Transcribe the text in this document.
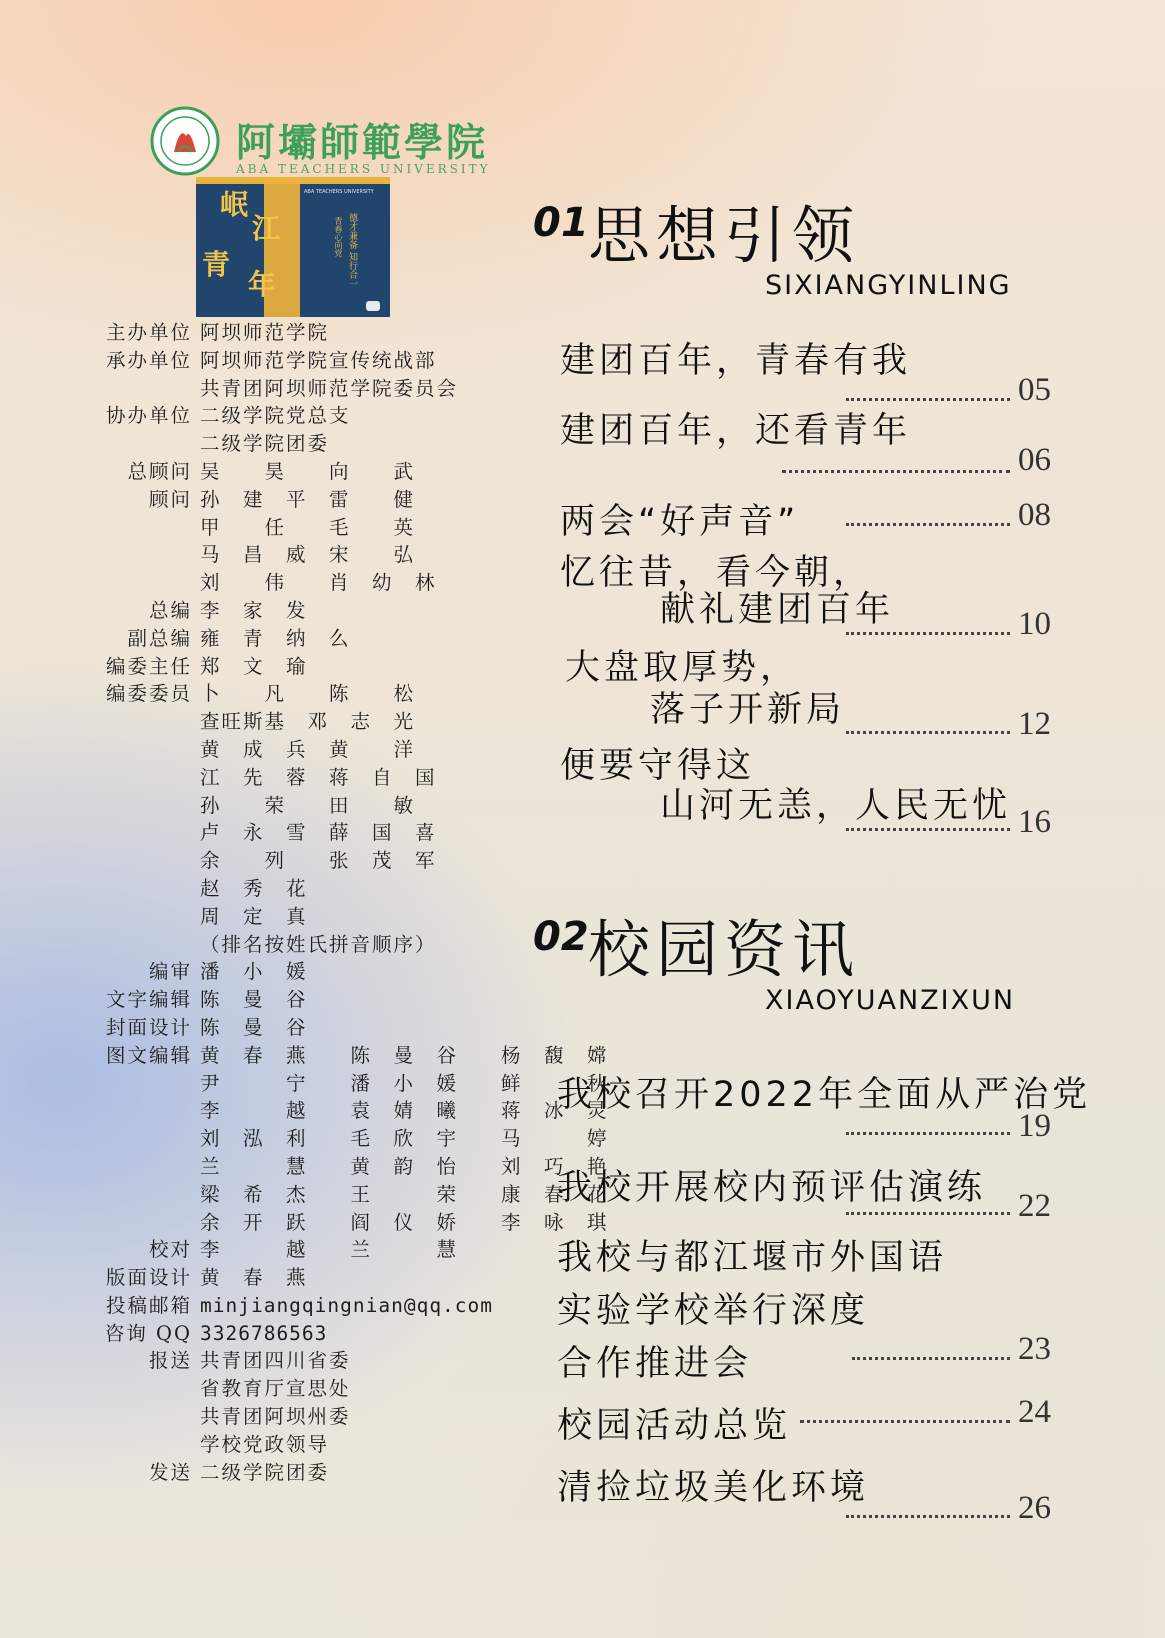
阿壩師範學院
ABA TEACHERS UNIVERSITY
岷
江
青
年
ABA TEACHERS UNIVERSITY
德才兼备 知行合一
青春心向党
主办单位 阿坝师范学院
承办单位 阿坝师范学院宣传统战部
共青团阿坝师范学院委员会
协办单位 二级学院党总支
二级学院团委
总顾问 吴　　昊　　向　　武
顾问 孙　建　平　雷　　健
甲　　任　　毛　　英
马　昌　威　宋　　弘
刘　　伟　　肖　幼　林
总编 李　家　发
副总编 雍　青　纳　么
编委主任 郑　文　瑜
编委委员 卜　　凡　　陈　　松
查旺斯基　邓　志　光
黄　成　兵　黄　　洋
江　先　蓉　蒋　自　国
孙　　荣　　田　　敏
卢　永　雪　薛　国　喜
余　　列　　张　茂　军
赵　秀　花
周　定　真
（排名按姓氏拼音顺序）
编审 潘　小　媛
文字编辑 陈　曼　谷
封面设计 陈　曼　谷
图文编辑 黄　春　燕　　陈　曼　谷　　杨　馥　嫦
尹　　　宁　　潘　小　媛　　鲜　　　秋
李　　　越　　袁　婧　曦　　蒋　冰　灵
刘　泓　利　　毛　欣　宇　　马　　　婷
兰　　　慧　　黄　韵　怡　　刘　巧　艳
梁　希　杰　　王　　　荣　　康　春　花
余　开　跃　　阎　仪　娇　　李　咏　琪
校对 李　　　越　　兰　　　慧
版面设计 黄　春　燕
投稿邮箱 minjiangqingnian@qq.com
咨询 QQ 3326786563
报送 共青团四川省委
省教育厅宣思处
共青团阿坝州委
学校党政领导
发送 二级学院团委
01 思想引领
SIXIANGYINLING
02 校园资讯
XIAOYUANZIXUN
建团百年，青春有我
05
建团百年，还看青年
06
两会“好声音”	08
忆往昔，看今朝，
献礼建团百年	10
大盘取厚势，
落子开新局	12
便要守得这
山河无恙，人民无忧 16
我校召开2022年全面从严治党
19
我校开展校内预评估演练 22
我校与都江堰市外国语
实验学校举行深度
合作推进会	23
校园活动总览	24
清捡垃圾美化环境	26
